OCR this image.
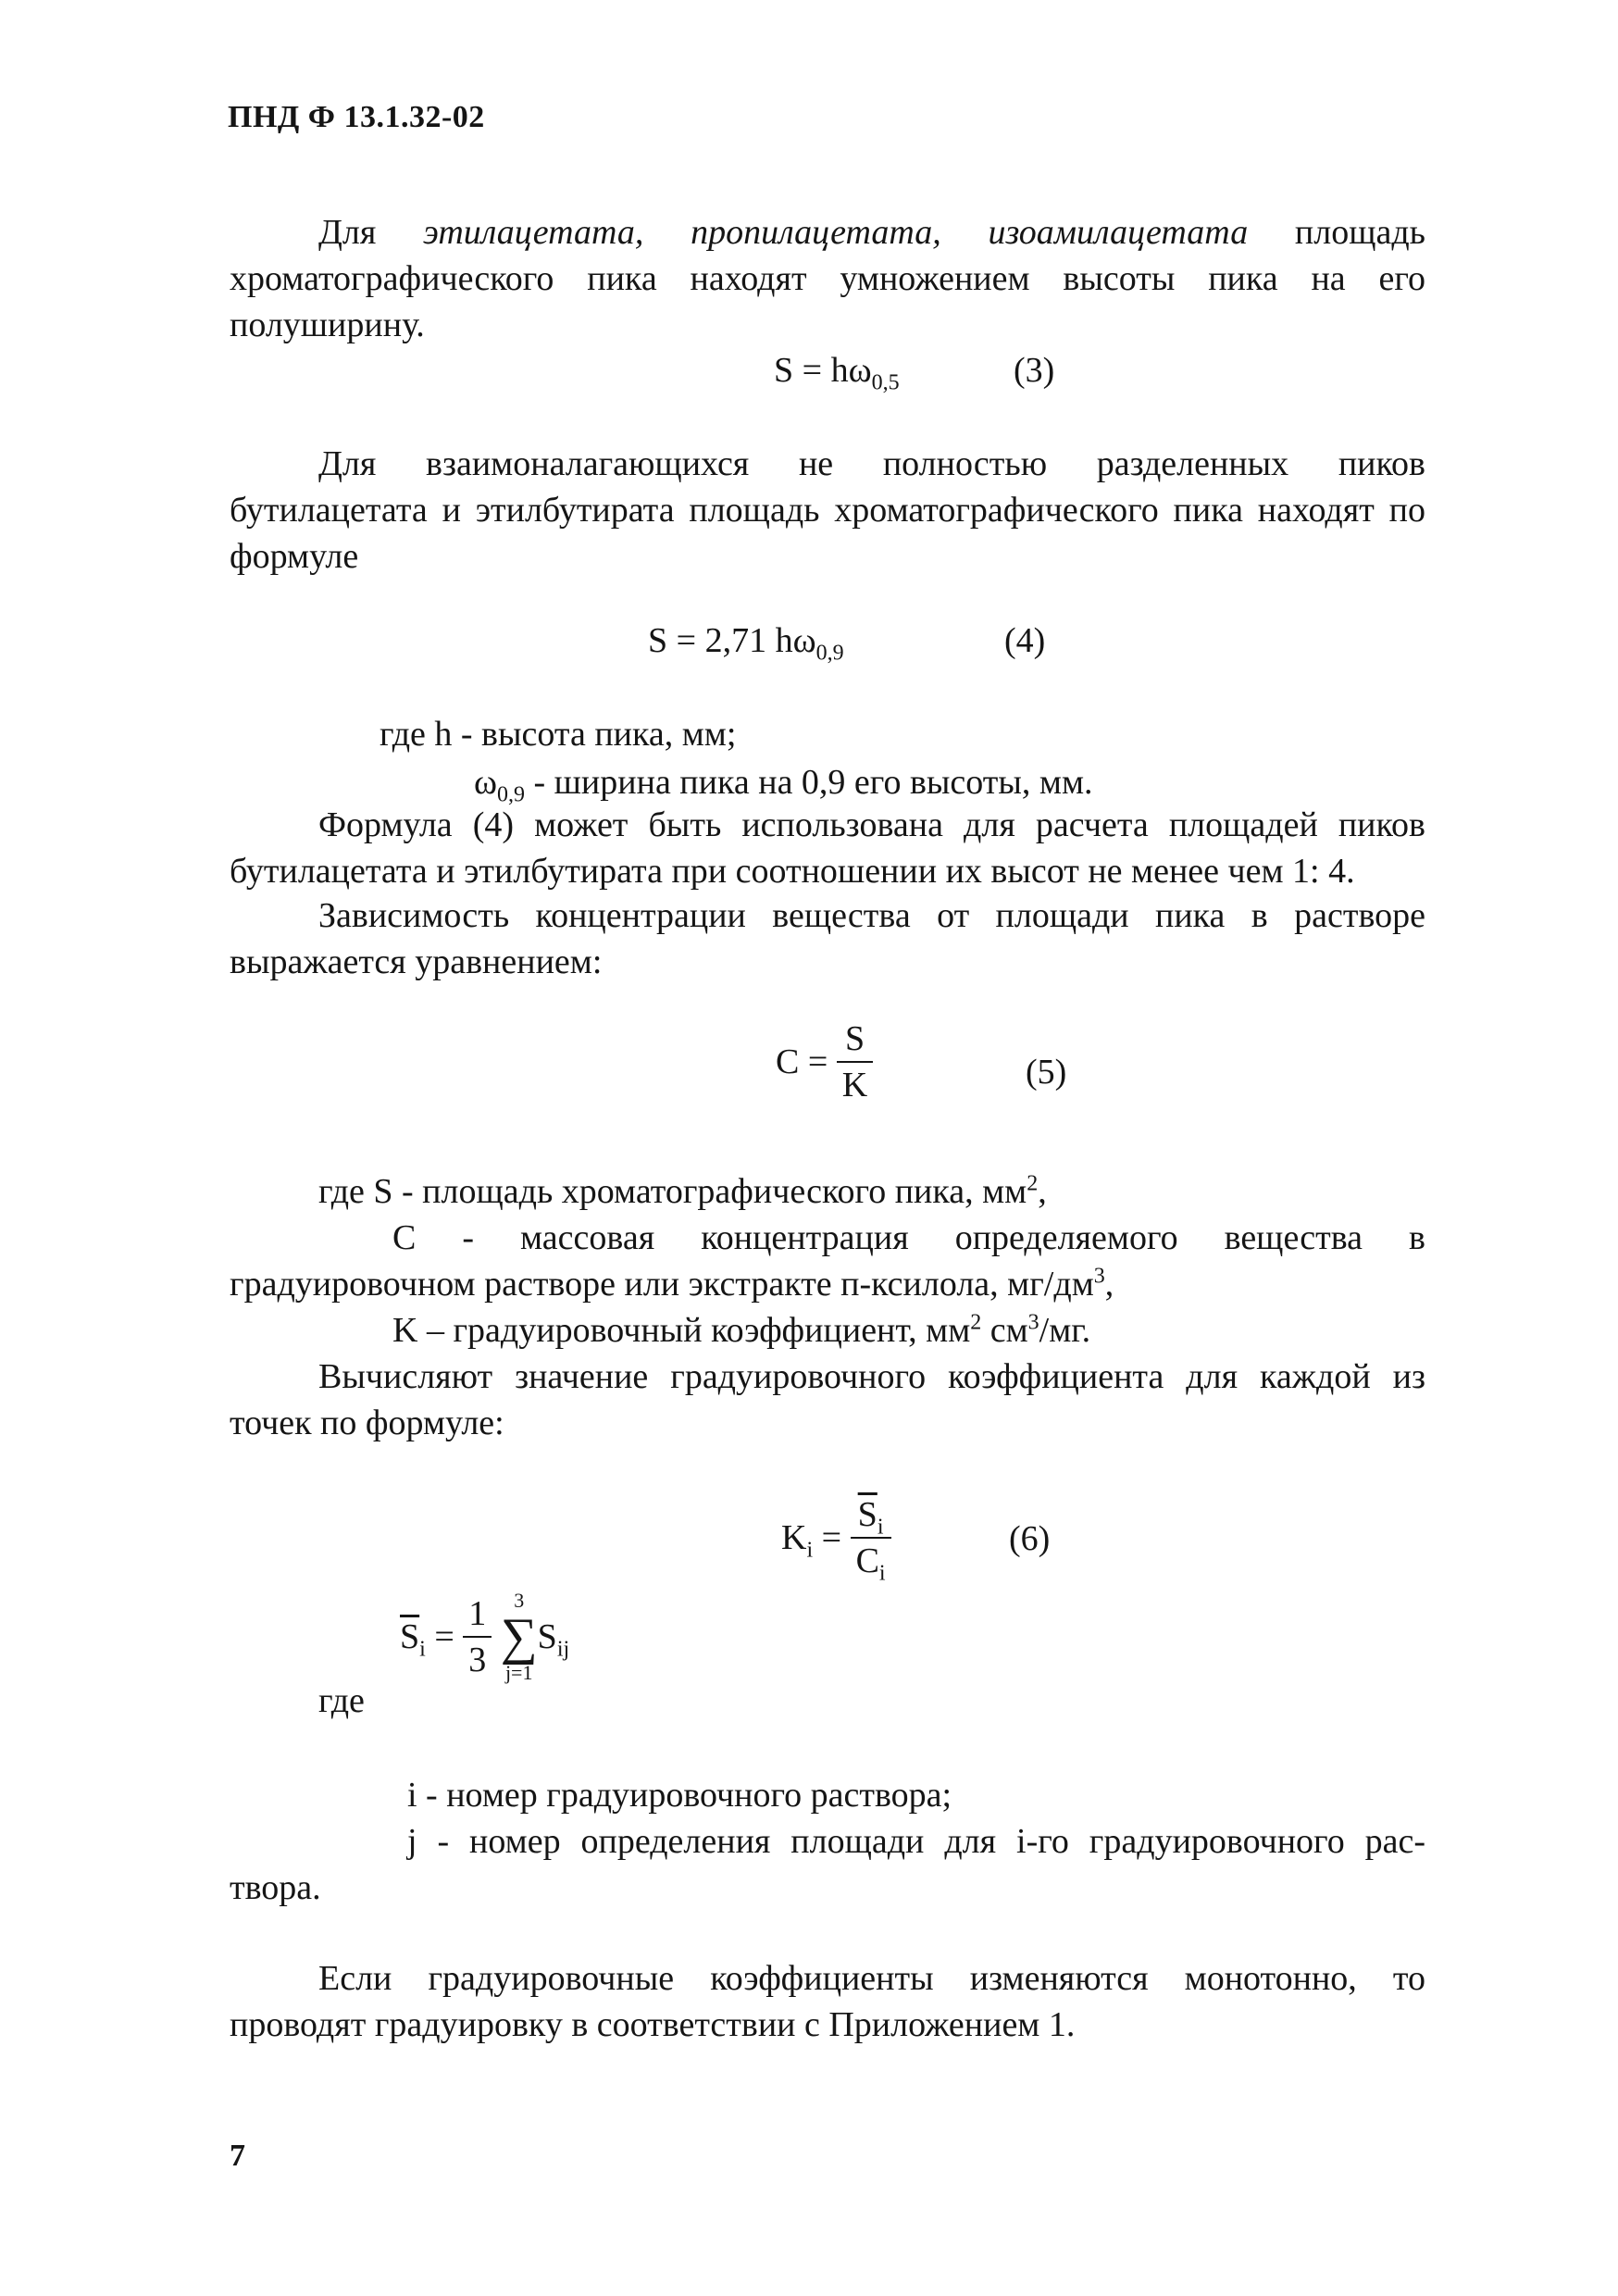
ПНД Ф 13.1.32-02
Для этилацетата, пропилацетата, изоамилацетата площадь хроматографического пика находят умножением высоты пика на его полуширину.
$S = h\omega_{0,5}$	(3)
Для взаимоналагающихся не полностью разделенных пиков бутилацетата и этилбутирата площадь хроматографического пика находят по формуле
S = 2,71 $h\omega_{0,9}$	(4)
где h - высота пика, мм;
$\omega_{0,9}$ - ширина пика на 0,9 его высоты, мм.
Формула (4) может быть использована для расчета площадей пиков бутилацетата и этилбутирата при соотношении их высот не менее чем 1: 4.
Зависимость концентрации вещества от площади пика в растворе выражается уравнением:
$C = \frac{S}{K}$	(5)
где S - площадь хроматографического пика, $мм^2$,
C - массовая концентрация определяемого вещества в
градуировочном растворе или экстракте п-ксилола, $мг/дм^3$,
K – градуировочный коэффициент, $мм^2$ $см^3/мг$.
Вычисляют значение градуировочного коэффициента для каждой из точек по формуле:
$K_i = \frac{\overline{S}_i}{C_i}$	(6)
где
$\overline{S}_i = \frac{1}{3}$
	3
∑
j=1
$S_{ij}$
i - номер градуировочного раствора;
j - номер определения площади для i-го градуировочного рас-
твора.
Если градуировочные коэффициенты изменяются монотонно, то проводят градуировку в соответствии с Приложением 1.
7
